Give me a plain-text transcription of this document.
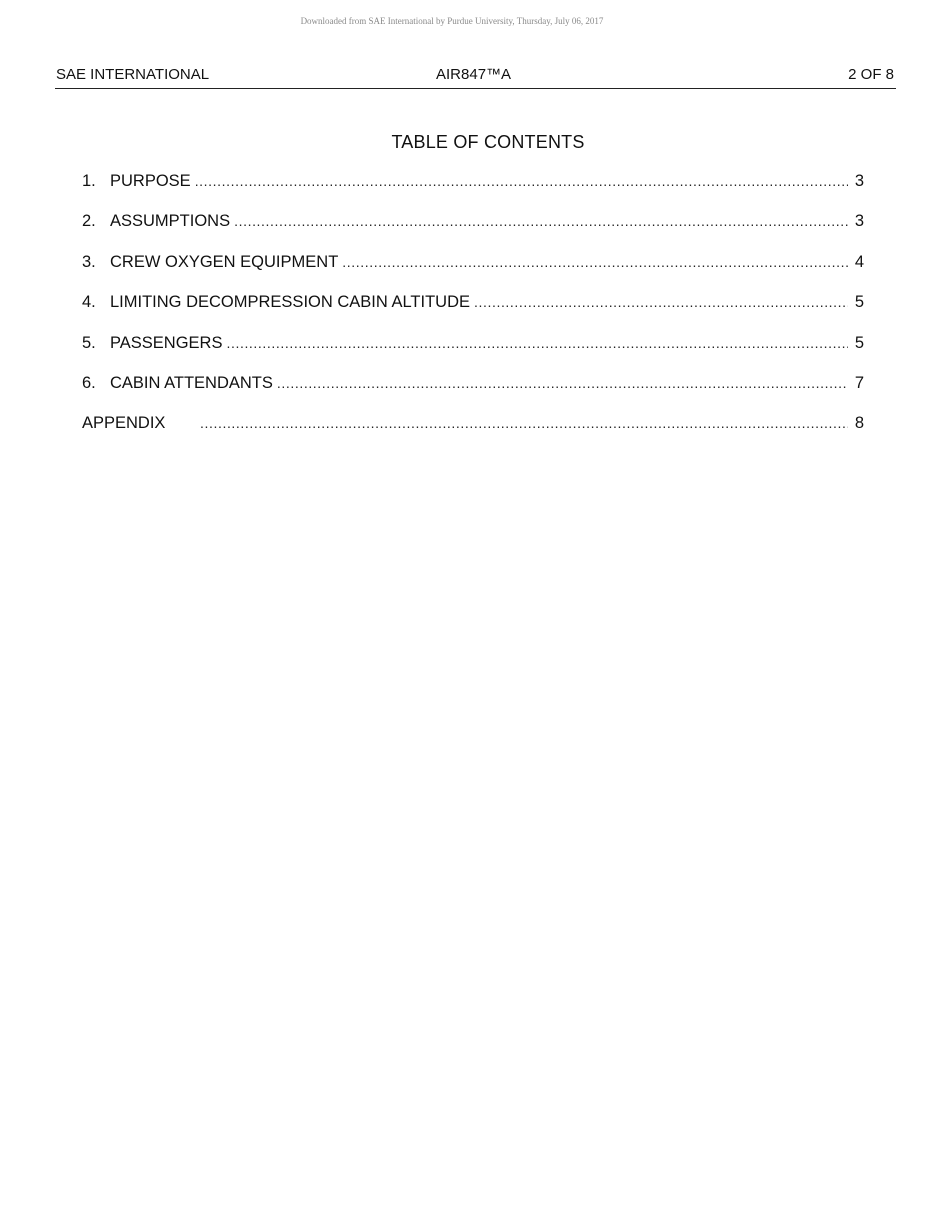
Downloaded from SAE International by Purdue University, Thursday, July 06, 2017
SAE INTERNATIONAL	AIR847™A	2 OF 8
TABLE OF CONTENTS
1. PURPOSE .....	3
2. ASSUMPTIONS .....	3
3. CREW OXYGEN EQUIPMENT .....	4
4. LIMITING DECOMPRESSION CABIN ALTITUDE .....	5
5. PASSENGERS .....	5
6. CABIN ATTENDANTS .....	7
APPENDIX .....	8
